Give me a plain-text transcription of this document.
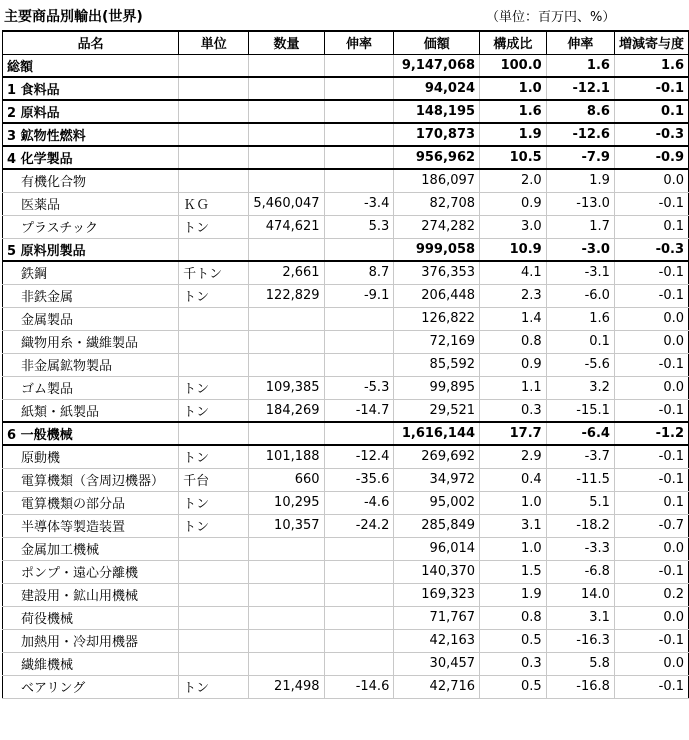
主要商品別輸出(世界)	（単位：百万円、%）
品名	単位	数量	伸率	価額	構成比	伸率	増減寄与度
総額				9,147,068	100.0	1.6	1.6
1 食料品				94,024	1.0	-12.1	-0.1
2 原料品				148,195	1.6	8.6	0.1
3 鉱物性燃料				170,873	1.9	-12.6	-0.3
4 化学製品				956,962	10.5	-7.9	-0.9
有機化合物				186,097	2.0	1.9	0.0
医薬品	ＫＧ	5,460,047	-3.4	82,708	0.9	-13.0	-0.1
プラスチック	トン	474,621	5.3	274,282	3.0	1.7	0.1
5 原料別製品				999,058	10.9	-3.0	-0.3
鉄鋼	千トン	2,661	8.7	376,353	4.1	-3.1	-0.1
非鉄金属	トン	122,829	-9.1	206,448	2.3	-6.0	-0.1
金属製品				126,822	1.4	1.6	0.0
織物用糸・繊維製品				72,169	0.8	0.1	0.0
非金属鉱物製品				85,592	0.9	-5.6	-0.1
ゴム製品	トン	109,385	-5.3	99,895	1.1	3.2	0.0
紙類・紙製品	トン	184,269	-14.7	29,521	0.3	-15.1	-0.1
6 一般機械				1,616,144	17.7	-6.4	-1.2
原動機	トン	101,188	-12.4	269,692	2.9	-3.7	-0.1
電算機類（含周辺機器）	千台	660	-35.6	34,972	0.4	-11.5	-0.1
電算機類の部分品	トン	10,295	-4.6	95,002	1.0	5.1	0.1
半導体等製造装置	トン	10,357	-24.2	285,849	3.1	-18.2	-0.7
金属加工機械				96,014	1.0	-3.3	0.0
ポンプ・遠心分離機				140,370	1.5	-6.8	-0.1
建設用・鉱山用機械				169,323	1.9	14.0	0.2
荷役機械				71,767	0.8	3.1	0.0
加熱用・冷却用機器				42,163	0.5	-16.3	-0.1
繊維機械				30,457	0.3	5.8	0.0
ベアリング	トン	21,498	-14.6	42,716	0.5	-16.8	-0.1
